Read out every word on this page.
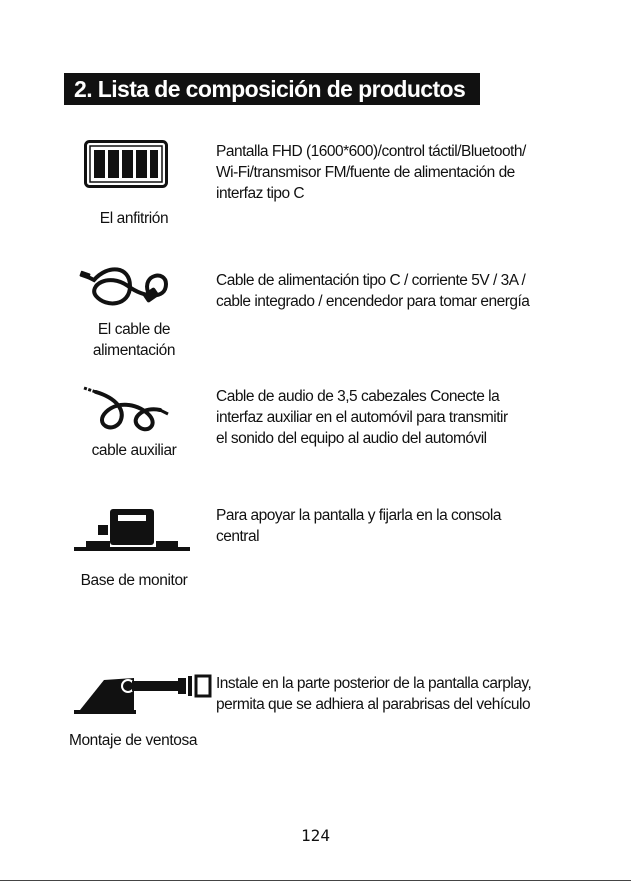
2. Lista de composición de productos
El anfitrión
Pantalla FHD (1600*600)/control táctil/Bluetooth/
Wi-Fi/transmisor FM/fuente de alimentación de
interfaz tipo C
El cable de
alimentación
Cable de alimentación tipo C / corriente 5V / 3A /
cable integrado / encendedor para tomar energía
cable auxiliar
Cable de audio de 3,5 cabezales Conecte la
interfaz auxiliar en el automóvil para transmitir
el sonido del equipo al audio del automóvil
Base de monitor
Para apoyar la pantalla y fijarla en la consola
central
Montaje de ventosa
Instale en la parte posterior de la pantalla carplay,
permita que se adhiera al parabrisas del vehículo
124
